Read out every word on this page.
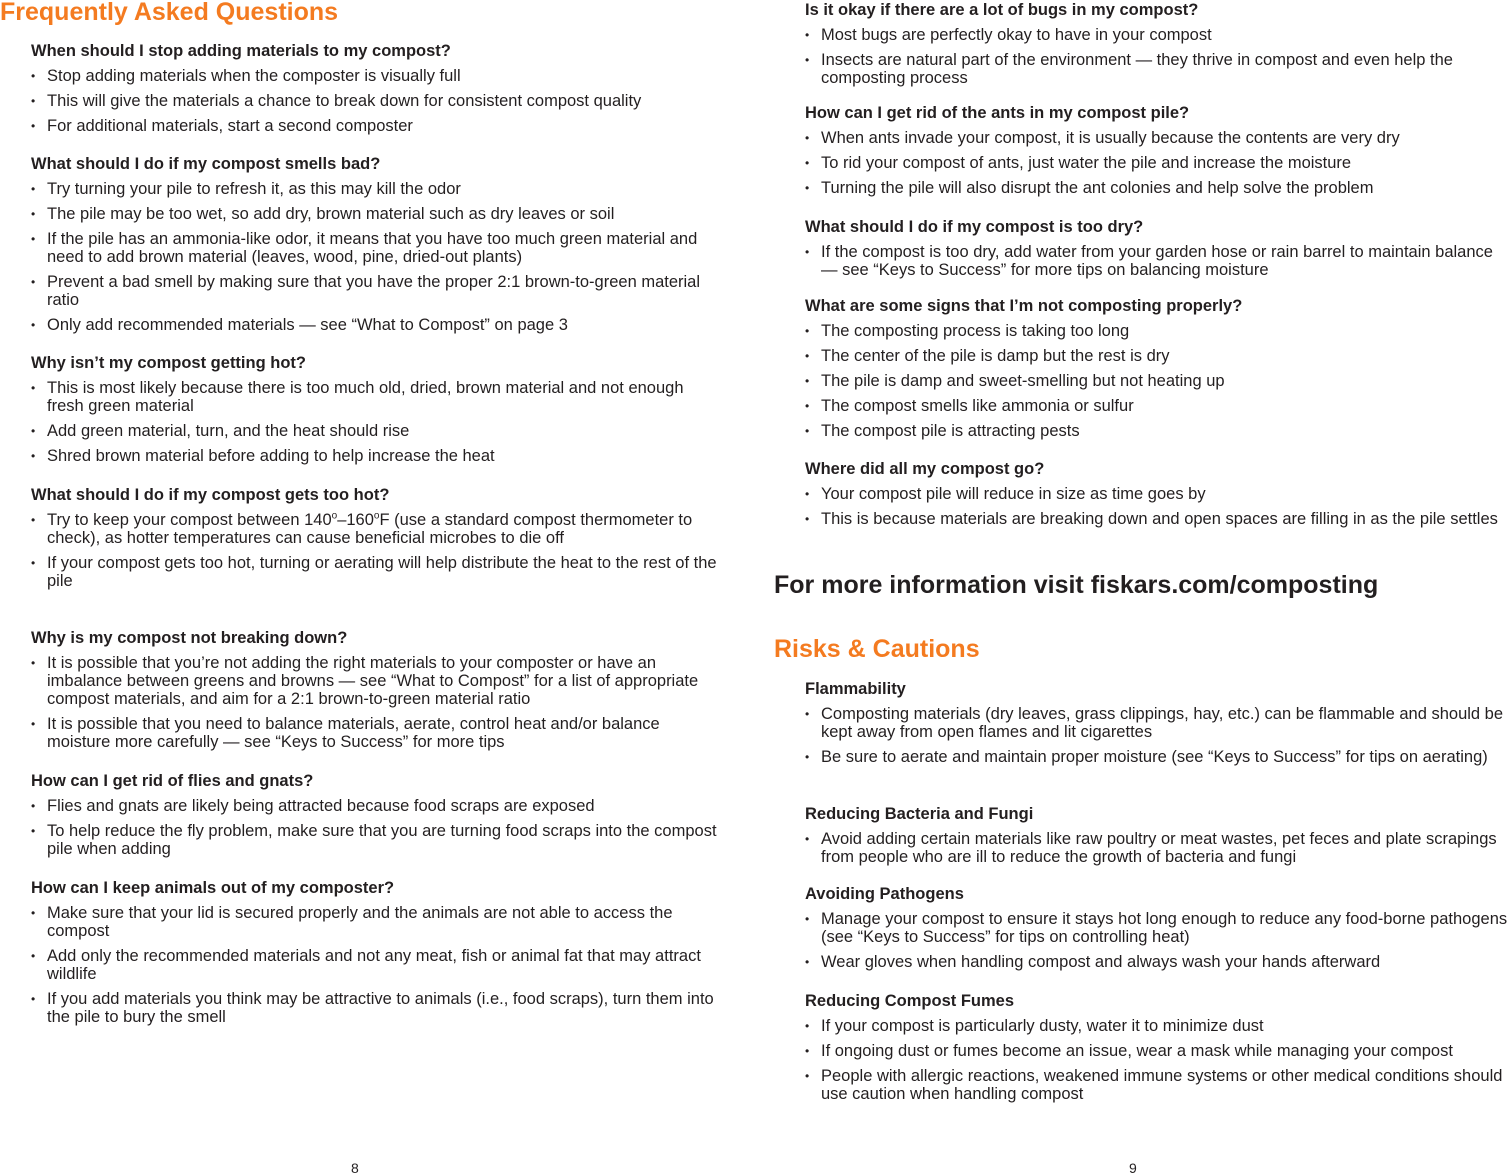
Frequently Asked Questions

When should I stop adding materials to my compost?

• Stop adding materials when the composter is visually full
• This will give the materials a chance to break down for consistent compost quality
• For additional materials, start a second composter

What should I do if my compost smells bad?

• Try turning your pile to refresh it, as this may kill the odor
• The pile may be too wet, so add dry, brown material such as dry leaves or soil
• If the pile has an ammonia-like odor, it means that you have too much green material and need to add brown material (leaves, wood, pine, dried-out plants)
• Prevent a bad smell by making sure that you have the proper 2:1 brown-to-green material ratio
• Only add recommended materials — see “What to Compost” on page 3

Why isn’t my compost getting hot?

• This is most likely because there is too much old, dried, brown material and not enough fresh green material
• Add green material, turn, and the heat should rise
• Shred brown material before adding to help increase the heat

What should I do if my compost gets too hot?

• Try to keep your compost between 140$^o$–160$^o$F (use a standard compost thermometer to check), as hotter temperatures can cause beneficial microbes to die off
• If your compost gets too hot, turning or aerating will help distribute the heat to the rest of the pile

Why is my compost not breaking down?

• It is possible that you’re not adding the right materials to your composter or have an imbalance between greens and browns — see “What to Compost” for a list of appropriate compost materials, and aim for a 2:1 brown-to-green material ratio
• It is possible that you need to balance materials, aerate, control heat and/or balance moisture more carefully — see “Keys to Success” for more tips

How can I get rid of flies and gnats?

• Flies and gnats are likely being attracted because food scraps are exposed
• To help reduce the fly problem, make sure that you are turning food scraps into the compost pile when adding

How can I keep animals out of my composter?

• Make sure that your lid is secured properly and the animals are not able to access the compost
• Add only the recommended materials and not any meat, fish or animal fat that may attract wildlife
• If you add materials you think may be attractive to animals (i.e., food scraps), turn them into the pile to bury the smell
8

Is it okay if there are a lot of bugs in my compost?

• Most bugs are perfectly okay to have in your compost
• Insects are natural part of the environment — they thrive in compost and even help the composting process

How can I get rid of the ants in my compost pile?

• When ants invade your compost, it is usually because the contents are very dry
• To rid your compost of ants, just water the pile and increase the moisture
• Turning the pile will also disrupt the ant colonies and help solve the problem

What should I do if my compost is too dry?

• If the compost is too dry, add water from your garden hose or rain barrel to maintain balance — see “Keys to Success” for more tips on balancing moisture

What are some signs that I’m not composting properly?

• The composting process is taking too long
• The center of the pile is damp but the rest is dry
• The pile is damp and sweet-smelling but not heating up
• The compost smells like ammonia or sulfur
• The compost pile is attracting pests

Where did all my compost go?

• Your compost pile will reduce in size as time goes by
• This is because materials are breaking down and open spaces are filling in as the pile settles
For more information visit fiskars.com/composting
Risks & Cautions

Flammability

• Composting materials (dry leaves, grass clippings, hay, etc.) can be flammable and should be kept away from open flames and lit cigarettes
• Be sure to aerate and maintain proper moisture (see “Keys to Success” for tips on aerating)

Reducing Bacteria and Fungi

• Avoid adding certain materials like raw poultry or meat wastes, pet feces and plate scrapings from people who are ill to reduce the growth of bacteria and fungi

Avoiding Pathogens

• Manage your compost to ensure it stays hot long enough to reduce any food-borne pathogens (see “Keys to Success” for tips on controlling heat)
• Wear gloves when handling compost and always wash your hands afterward

Reducing Compost Fumes

• If your compost is particularly dusty, water it to minimize dust
• If ongoing dust or fumes become an issue, wear a mask while managing your compost
• People with allergic reactions, weakened immune systems or other medical conditions should use caution when handling compost
9
